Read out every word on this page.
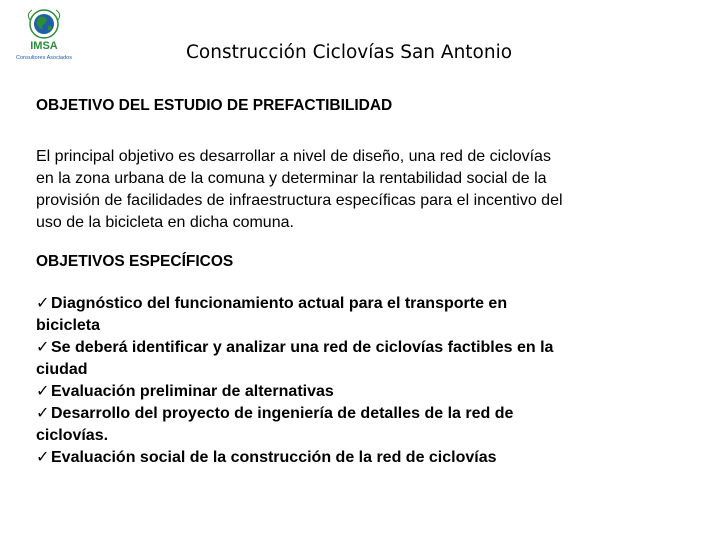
IMSA
Consultores Asociados	Construcción Ciclovías San Antonio
OBJETIVO DEL ESTUDIO DE PREFACTIBILIDAD
El principal objetivo es desarrollar a nivel de diseño, una red de ciclovías
en la zona urbana de la comuna y determinar la rentabilidad social de la
provisión de facilidades de infraestructura específicas para el incentivo del
uso de la bicicleta en dicha comuna.
OBJETIVOS ESPECÍFICOS
✓Diagnóstico del funcionamiento actual para el transporte en
bicicleta
✓Se deberá identificar y analizar una red de ciclovías factibles en la
ciudad
✓Evaluación preliminar de alternativas
✓Desarrollo del proyecto de ingeniería de detalles de la red de
ciclovías.
✓Evaluación social de la construcción de la red de ciclovías
